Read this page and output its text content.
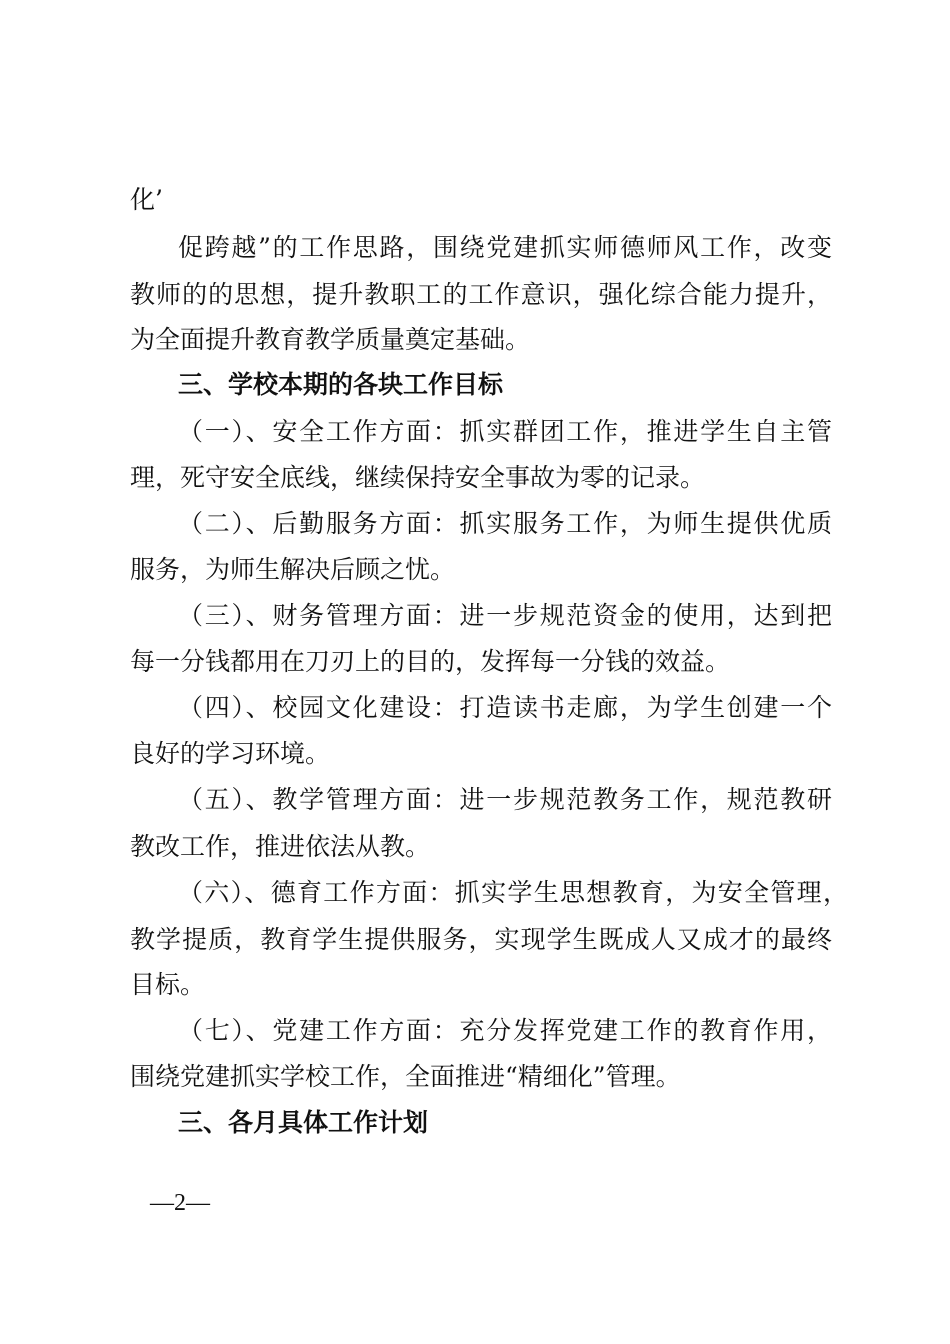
化’
促跨越”的工作思路，围绕党建抓实师德师风工作，改变
教师的的思想，提升教职工的工作意识，强化综合能力提升，
为全面提升教育教学质量奠定基础。
三、学校本期的各块工作目标
（一）、安全工作方面：抓实群团工作，推进学生自主管
理，死守安全底线，继续保持安全事故为零的记录。
（二）、后勤服务方面：抓实服务工作，为师生提供优质
服务，为师生解决后顾之忧。
（三）、财务管理方面：进一步规范资金的使用，达到把
每一分钱都用在刀刃上的目的，发挥每一分钱的效益。
（四）、校园文化建设：打造读书走廊，为学生创建一个
良好的学习环境。
（五）、教学管理方面：进一步规范教务工作，规范教研
教改工作，推进依法从教。
（六）、德育工作方面：抓实学生思想教育，为安全管理，
教学提质，教育学生提供服务，实现学生既成人又成才的最终
目标。
（七）、党建工作方面：充分发挥党建工作的教育作用，
围绕党建抓实学校工作，全面推进“精细化”管理。
三、各月具体工作计划
—2—
